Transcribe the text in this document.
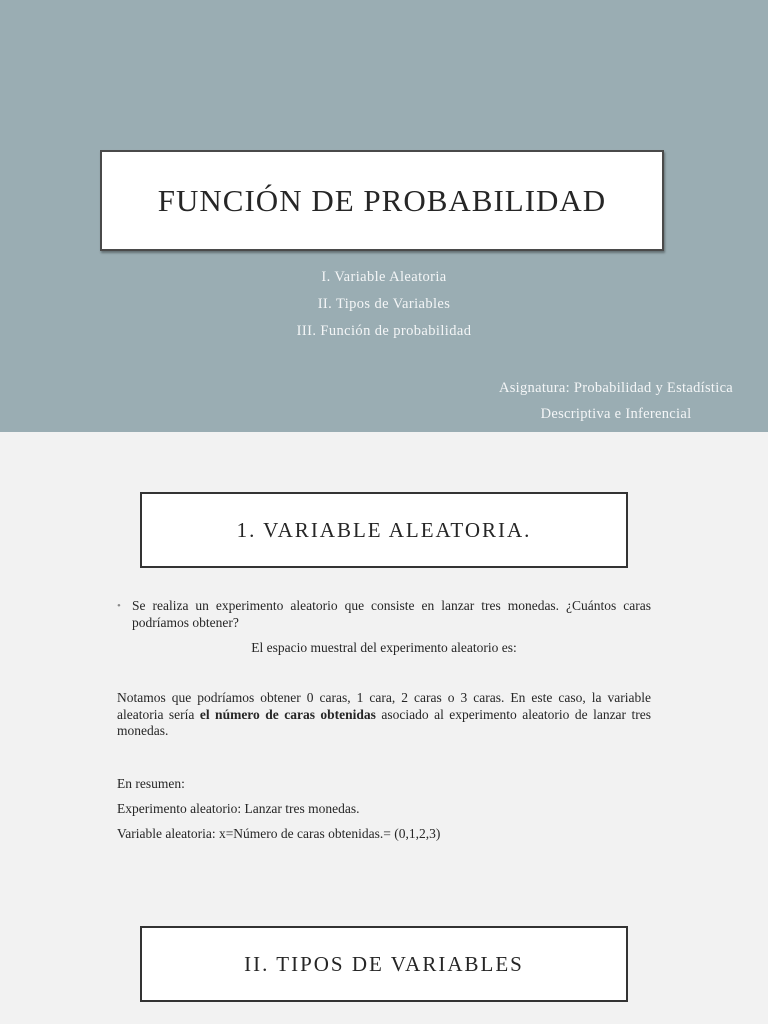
FUNCIÓN DE PROBABILIDAD
I. Variable Aleatoria
II. Tipos de Variables
III. Función de probabilidad
Asignatura: Probabilidad y Estadística
Descriptiva e Inferencial
1. VARIABLE ALEATORIA.
• Se realiza un experimento aleatorio que consiste en lanzar tres monedas. ¿Cuántos caras podríamos obtener?
El espacio muestral del experimento aleatorio es:
Notamos que podríamos obtener 0 caras, 1 cara, 2 caras o 3 caras. En este caso, la variable aleatoria sería el número de caras obtenidas asociado al experimento aleatorio de lanzar tres monedas.
En resumen:
Experimento aleatorio: Lanzar tres monedas.
Variable aleatoria: x=Número de caras obtenidas.= (0,1,2,3)
II. TIPOS DE VARIABLES
